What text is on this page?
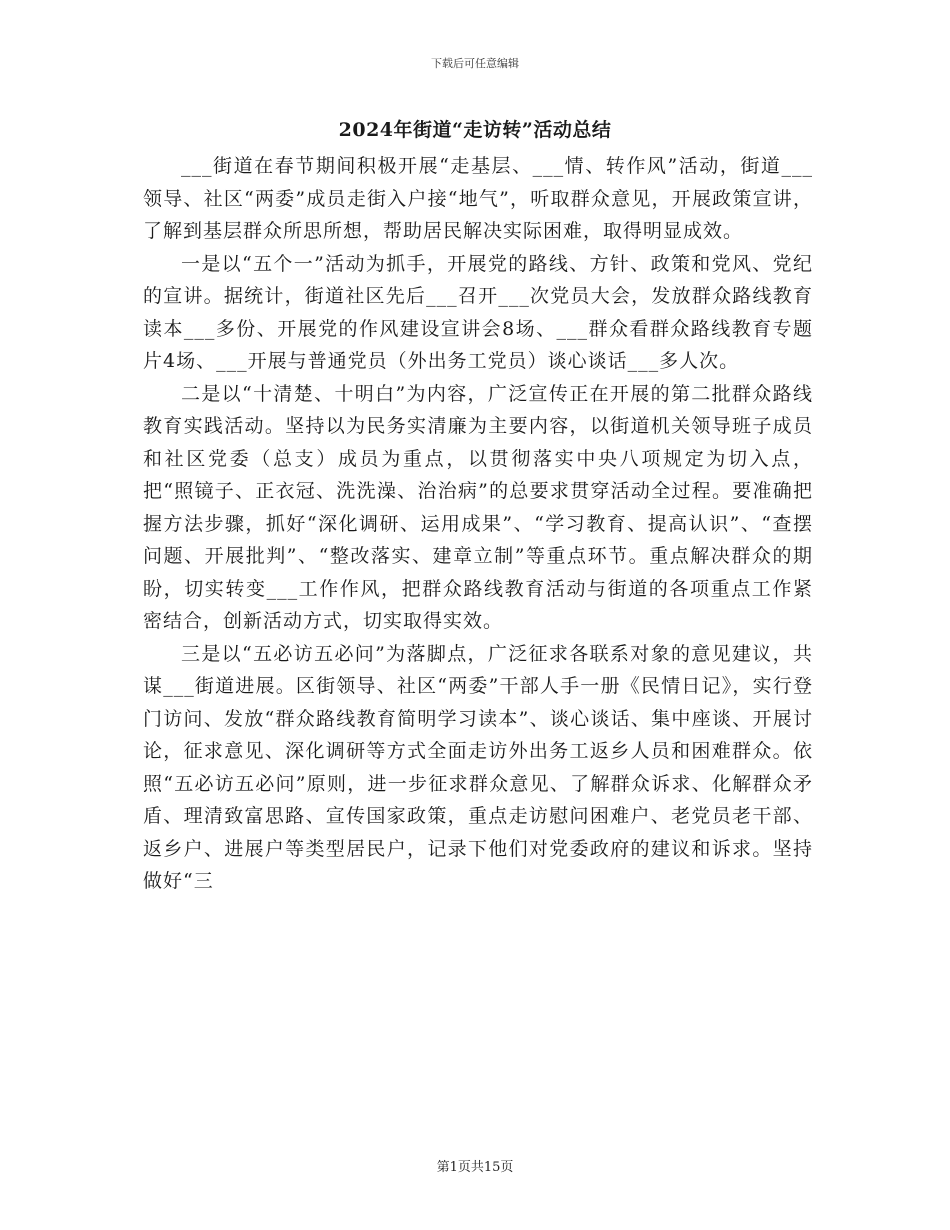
下载后可任意编辑
2024年街道“走访转”活动总结

___街道在春节期间积极开展“走基层、___情、转作风”活动，街道___领导、社区“两委”成员走街入户接“地气”，听取群众意见，开展政策宣讲，了解到基层群众所思所想，帮助居民解决实际困难，取得明显成效。

一是以“五个一”活动为抓手，开展党的路线、方针、政策和党风、党纪的宣讲。据统计，街道社区先后___召开___次党员大会，发放群众路线教育读本___多份、开展党的作风建设宣讲会8场、___群众看群众路线教育专题片4场、___开展与普通党员（外出务工党员）谈心谈话___多人次。

二是以“十清楚、十明白”为内容，广泛宣传正在开展的第二批群众路线教育实践活动。坚持以为民务实清廉为主要内容，以街道机关领导班子成员和社区党委（总支）成员为重点，以贯彻落实中央八项规定为切入点，把“照镜子、正衣冠、洗洗澡、治治病”的总要求贯穿活动全过程。要准确把握方法步骤，抓好“深化调研、运用成果”、“学习教育、提高认识”、“查摆问题、开展批判”、“整改落实、建章立制”等重点环节。重点解决群众的期盼，切实转变___工作作风，把群众路线教育活动与街道的各项重点工作紧密结合，创新活动方式，切实取得实效。

三是以“五必访五必问”为落脚点，广泛征求各联系对象的意见建议，共谋___街道进展。区街领导、社区“两委”干部人手一册《民情日记》，实行登门访问、发放“群众路线教育简明学习读本”、谈心谈话、集中座谈、开展讨论，征求意见、深化调研等方式全面走访外出务工返乡人员和困难群众。依照“五必访五必问”原则，进一步征求群众意见、了解群众诉求、化解群众矛盾、理清致富思路、宣传国家政策，重点走访慰问困难户、老党员老干部、返乡户、进展户等类型居民户，记录下他们对党委政府的建议和诉求。坚持做好“三

第1页共15页
